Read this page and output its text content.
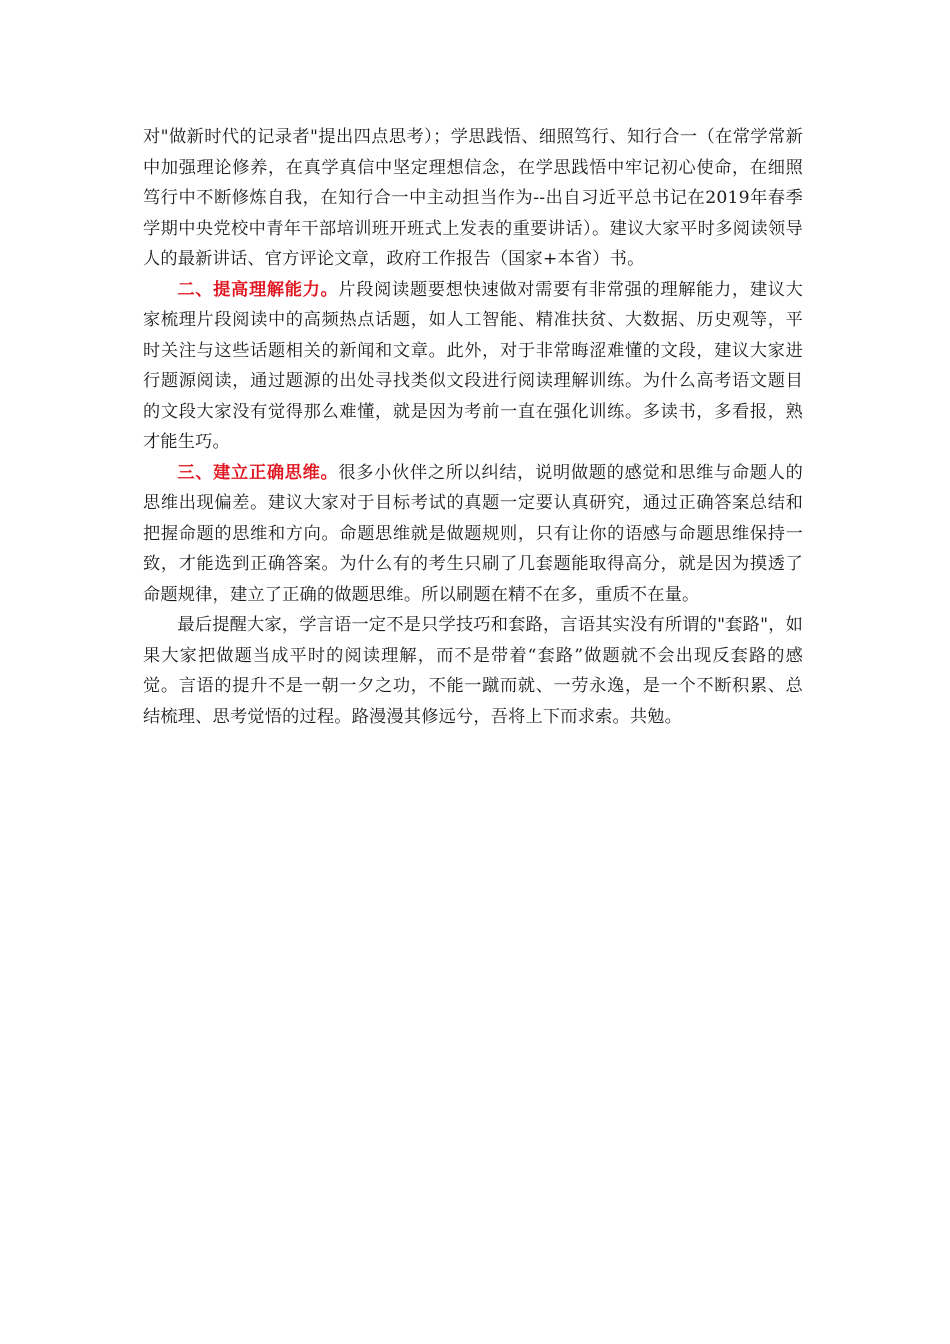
对"做新时代的记录者"提出四点思考）；学思践悟、细照笃行、知行合一（在常学常新中加强理论修养，在真学真信中坚定理想信念，在学思践悟中牢记初心使命，在细照笃行中不断修炼自我，在知行合一中主动担当作为--出自习近平总书记在2019年春季学期中央党校中青年干部培训班开班式上发表的重要讲话）。建议大家平时多阅读领导人的最新讲话、官方评论文章，政府工作报告（国家+本省）书。

二、提高理解能力。片段阅读题要想快速做对需要有非常强的理解能力，建议大家梳理片段阅读中的高频热点话题，如人工智能、精准扶贫、大数据、历史观等，平时关注与这些话题相关的新闻和文章。此外，对于非常晦涩难懂的文段，建议大家进行题源阅读，通过题源的出处寻找类似文段进行阅读理解训练。为什么高考语文题目的文段大家没有觉得那么难懂，就是因为考前一直在强化训练。多读书，多看报，熟才能生巧。

三、建立正确思维。很多小伙伴之所以纠结，说明做题的感觉和思维与命题人的思维出现偏差。建议大家对于目标考试的真题一定要认真研究，通过正确答案总结和把握命题的思维和方向。命题思维就是做题规则，只有让你的语感与命题思维保持一致，才能选到正确答案。为什么有的考生只刷了几套题能取得高分，就是因为摸透了命题规律，建立了正确的做题思维。所以刷题在精不在多，重质不在量。

最后提醒大家，学言语一定不是只学技巧和套路，言语其实没有所谓的"套路"，如果大家把做题当成平时的阅读理解，而不是带着“套路”做题就不会出现反套路的感觉。言语的提升不是一朝一夕之功，不能一蹴而就、一劳永逸，是一个不断积累、总结梳理、思考觉悟的过程。路漫漫其修远兮，吾将上下而求索。共勉。
